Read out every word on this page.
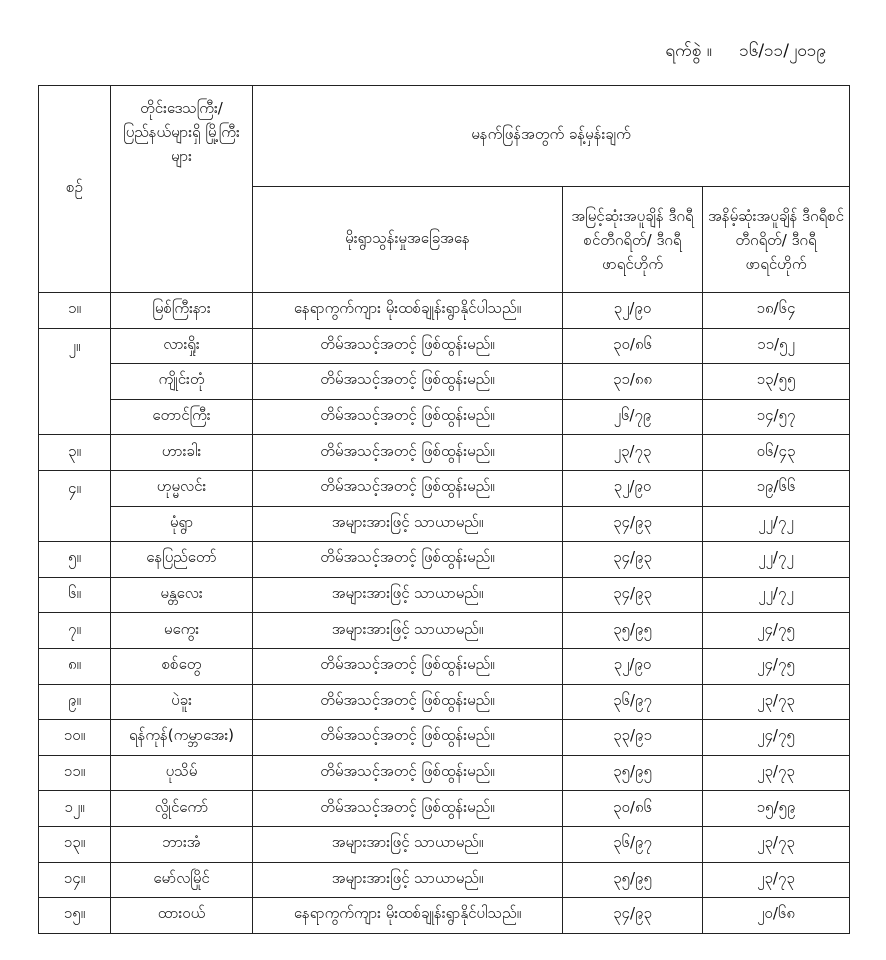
ရက်စွဲ ။ ၁၆/၁၁/၂၀၁၉
စဉ်	တိုင်းဒေသကြီး/ ပြည်နယ်များရှိ မြို့ကြီးများ	မနက်ဖြန်အတွက် ခန့်မှန်းချက်		
		မိုးရွာသွန်းမှုအခြေအနေ	အမြင့်ဆုံးအပူချိန် ဒီဂရီစင်တီဂရိတ်/ ဒီဂရီဖာရင်ဟိုက်	အနိမ့်ဆုံးအပူချိန် ဒီဂရီစင်တီဂရိတ်/ ဒီဂရီဖာရင်ဟိုက်
၁။	မြစ်ကြီးနား	နေရာကွက်ကျား မိုးထစ်ချုန်းရွာနိုင်ပါသည်။	၃၂/၉၀	၁၈/၆၄
၂။	လားရှိုး	တိမ်အသင့်အတင့် ဖြစ်ထွန်းမည်။	၃၀/၈၆	၁၁/၅၂
	ကျိုင်းတုံ	တိမ်အသင့်အတင့် ဖြစ်ထွန်းမည်။	၃၁/၈၈	၁၃/၅၅
	တောင်ကြီး	တိမ်အသင့်အတင့် ဖြစ်ထွန်းမည်။	၂၆/၇၉	၁၄/၅၇
၃။	ဟားခါး	တိမ်အသင့်အတင့် ဖြစ်ထွန်းမည်။	၂၃/၇၃	၀၆/၄၃
၄။	ဟုမ္မလင်း	တိမ်အသင့်အတင့် ဖြစ်ထွန်းမည်။	၃၂/၉၀	၁၉/၆၆
	မုံရွာ	အများအားဖြင့် သာယာမည်။	၃၄/၉၃	၂၂/၇၂
၅။	နေပြည်တော်	တိမ်အသင့်အတင့် ဖြစ်ထွန်းမည်။	၃၄/၉၃	၂၂/၇၂
၆။	မန္တလေး	အများအားဖြင့် သာယာမည်။	၃၄/၉၃	၂၂/၇၂
၇။	မကွေး	အများအားဖြင့် သာယာမည်။	၃၅/၉၅	၂၄/၇၅
၈။	စစ်တွေ	တိမ်အသင့်အတင့် ဖြစ်ထွန်းမည်။	၃၂/၉၀	၂၄/၇၅
၉။	ပဲခူး	တိမ်အသင့်အတင့် ဖြစ်ထွန်းမည်။	၃၆/၉၇	၂၃/၇၃
၁၀။	ရန်ကုန်(ကမ္ဘာအေး)	တိမ်အသင့်အတင့် ဖြစ်ထွန်းမည်။	၃၃/၉၁	၂၄/၇၅
၁၁။	ပုသိမ်	တိမ်အသင့်အတင့် ဖြစ်ထွန်းမည်။	၃၅/၉၅	၂၃/၇၃
၁၂။	လွိုင်ကော်	တိမ်အသင့်အတင့် ဖြစ်ထွန်းမည်။	၃၀/၈၆	၁၅/၅၉
၁၃။	ဘားအံ	အများအားဖြင့် သာယာမည်။	၃၆/၉၇	၂၃/၇၃
၁၄။	မော်လမြိုင်	အများအားဖြင့် သာယာမည်။	၃၅/၉၅	၂၃/၇၃
၁၅။	ထားဝယ်	နေရာကွက်ကျား မိုးထစ်ချုန်းရွာနိုင်ပါသည်။	၃၄/၉၃	၂၀/၆၈
